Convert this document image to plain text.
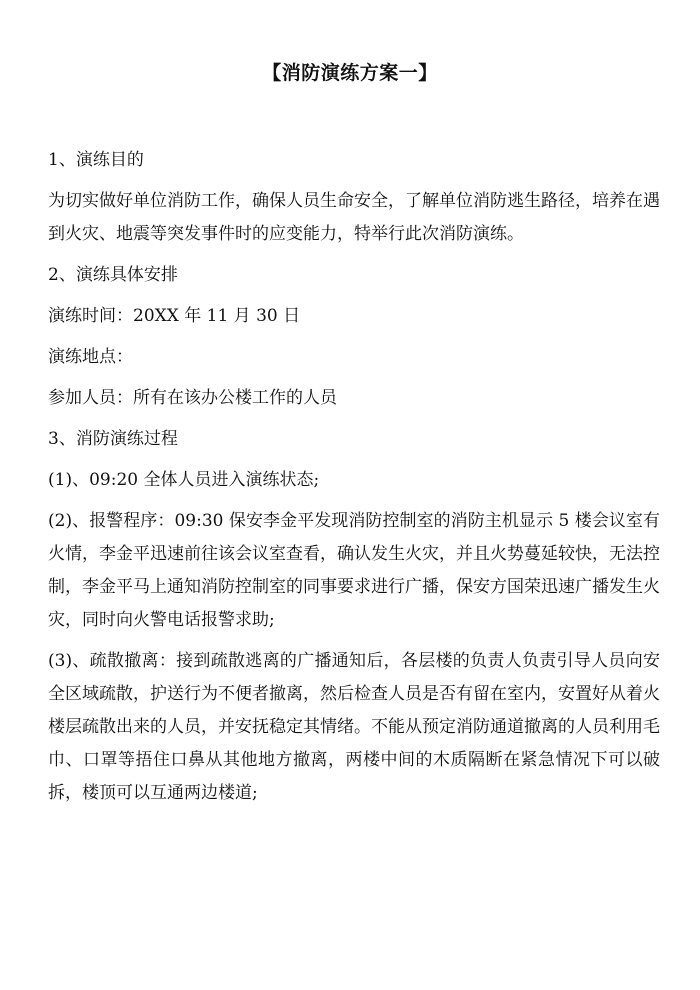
【消防演练方案一】

1、演练目的

为切实做好单位消防工作，确保人员生命安全，了解单位消防逃生路径，培养在遇到火灾、地震等突发事件时的应变能力，特举行此次消防演练。

2、演练具体安排

演练时间：20XX 年 11 月 30 日

演练地点：

参加人员：所有在该办公楼工作的人员

3、消防演练过程

(1)、09:20 全体人员进入演练状态;

(2)、报警程序：09:30 保安李金平发现消防控制室的消防主机显示 5 楼会议室有火情，李金平迅速前往该会议室查看，确认发生火灾，并且火势蔓延较快，无法控制，李金平马上通知消防控制室的同事要求进行广播，保安方国荣迅速广播发生火灾，同时向火警电话报警求助;

(3)、疏散撤离：接到疏散逃离的广播通知后，各层楼的负责人负责引导人员向安全区域疏散，护送行为不便者撤离，然后检查人员是否有留在室内，安置好从着火楼层疏散出来的人员，并安抚稳定其情绪。不能从预定消防通道撤离的人员利用毛巾、口罩等捂住口鼻从其他地方撤离，两楼中间的木质隔断在紧急情况下可以破拆，楼顶可以互通两边楼道;
